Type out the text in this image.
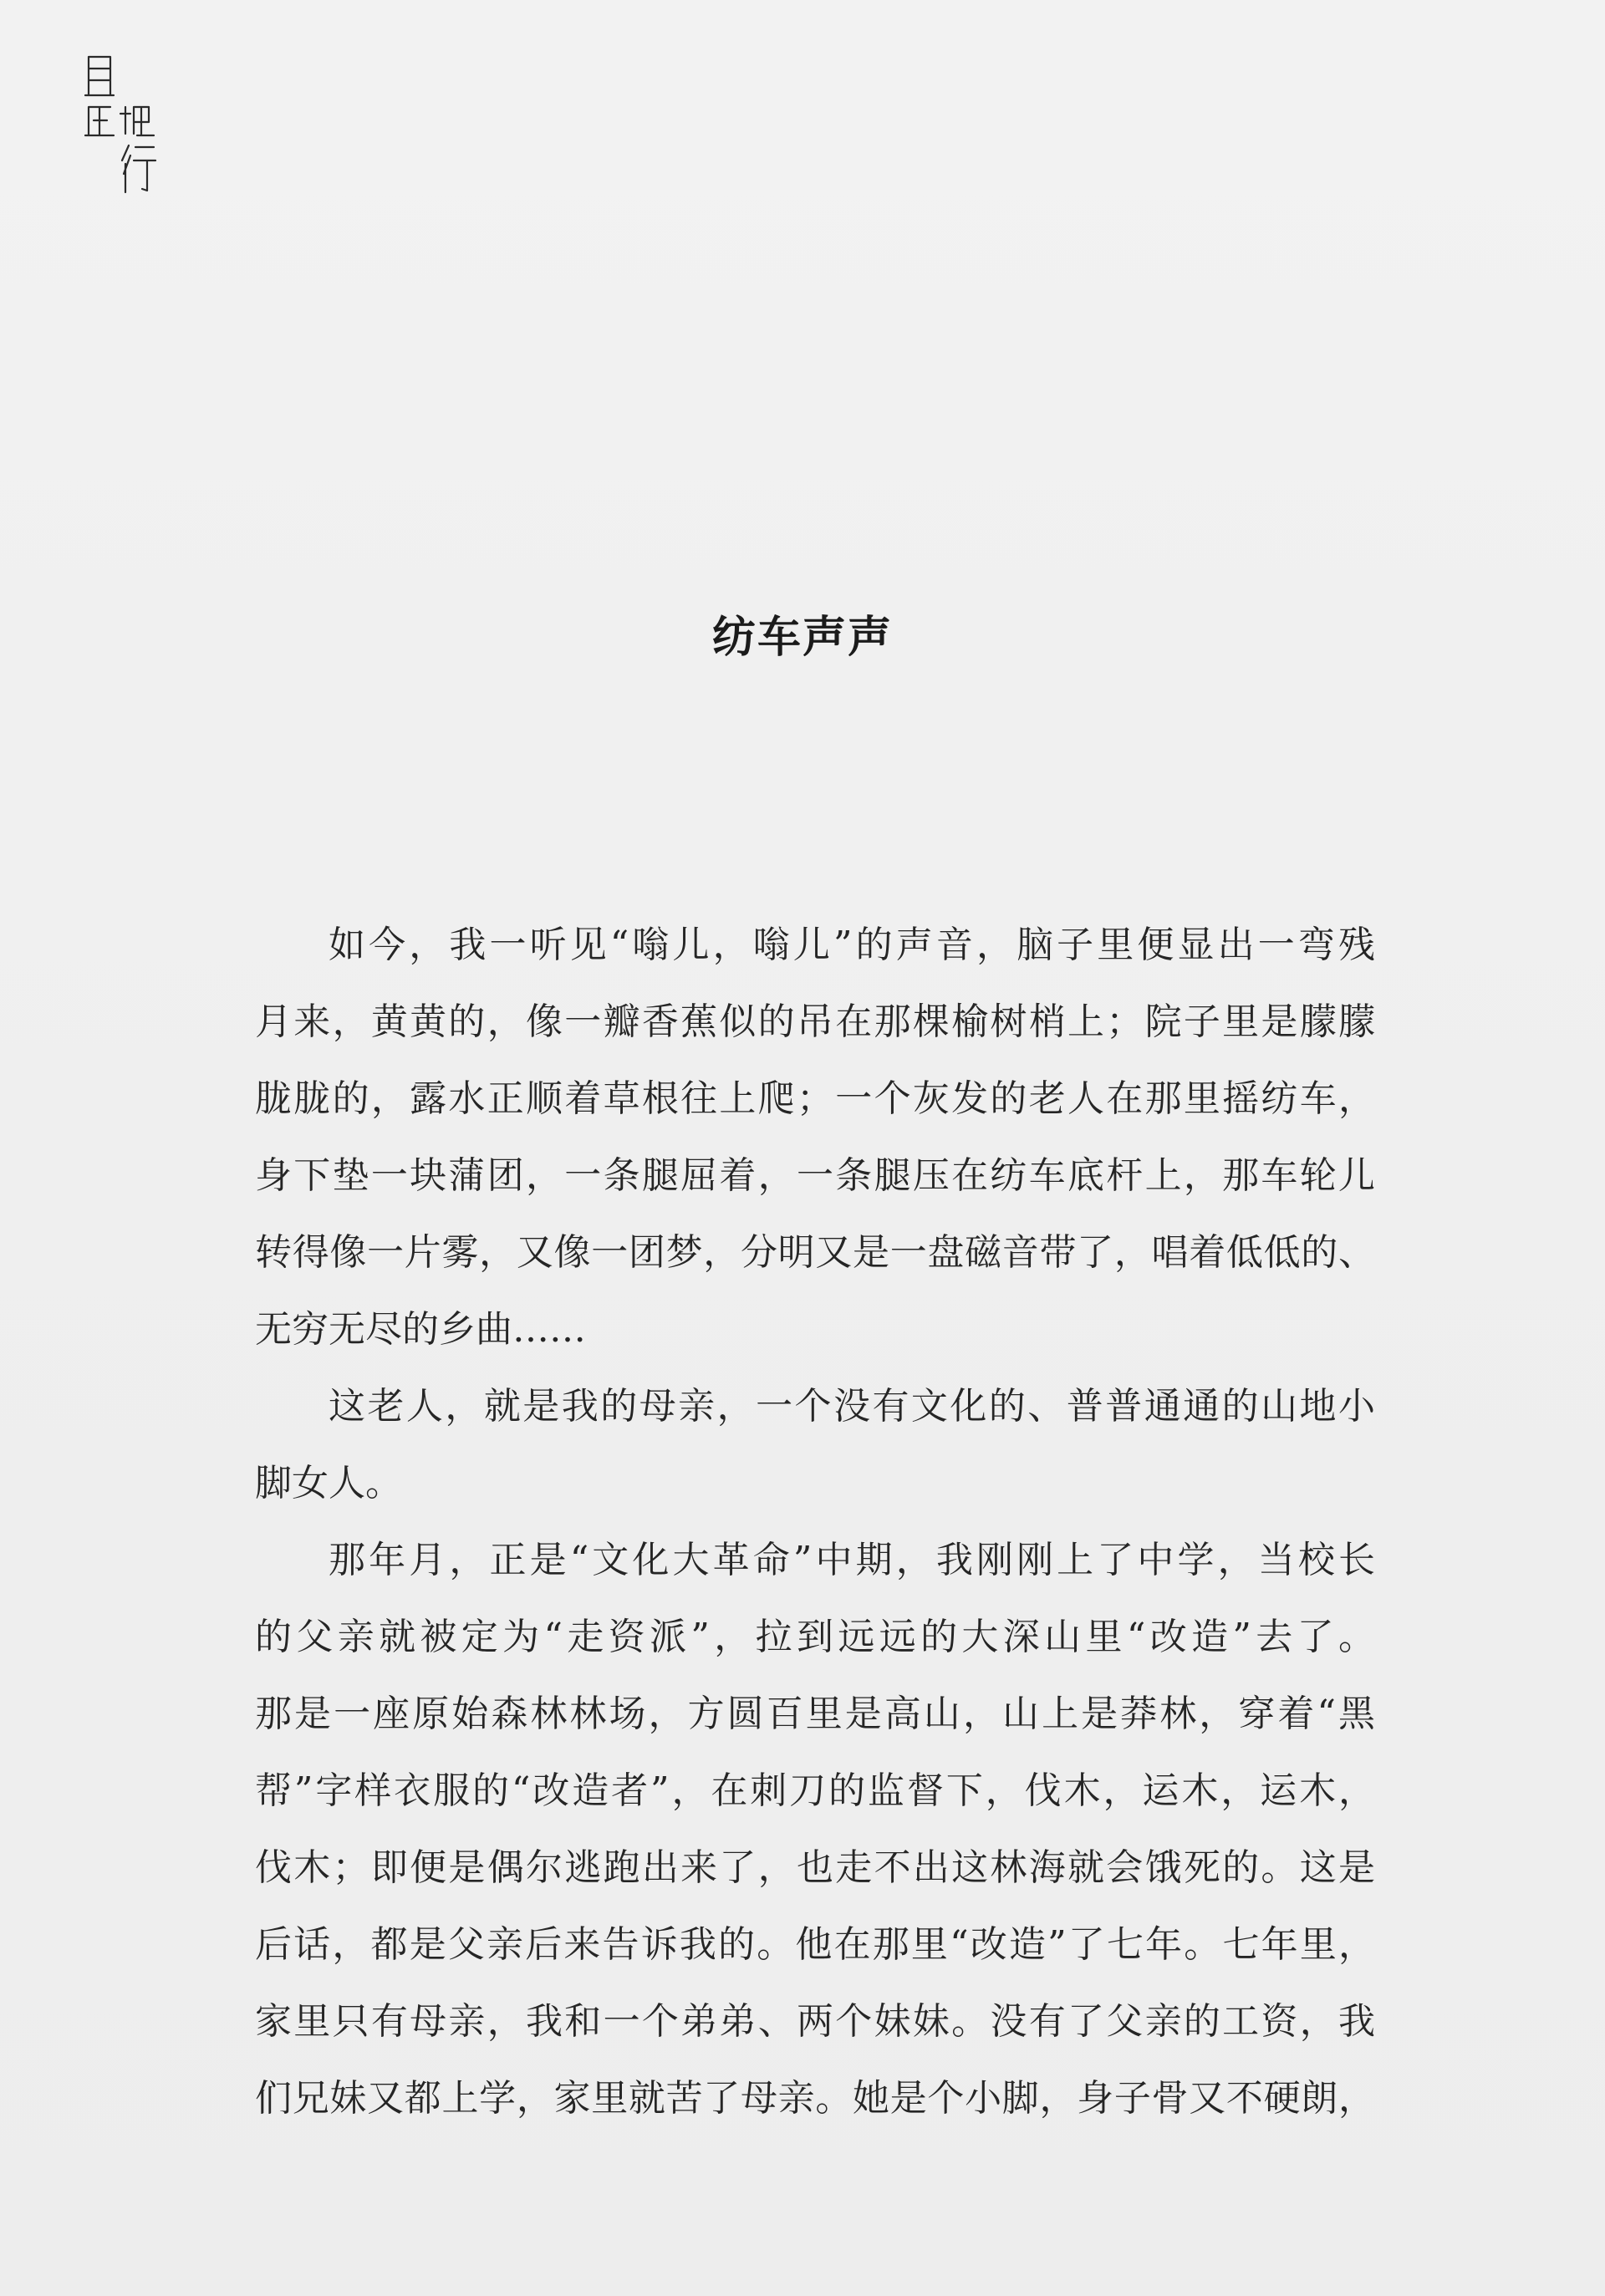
纺车声声
如今，我一听见“嗡儿，嗡儿”的声音，脑子里便显出一弯残
月来，黄黄的，像一瓣香蕉似的吊在那棵榆树梢上；院子里是朦朦
胧胧的，露水正顺着草根往上爬；一个灰发的老人在那里摇纺车，
身下垫一块蒲团，一条腿屈着，一条腿压在纺车底杆上，那车轮儿
转得像一片雾，又像一团梦，分明又是一盘磁音带了，唱着低低的、
无穷无尽的乡曲……
这老人，就是我的母亲，一个没有文化的、普普通通的山地小
脚女人。
那年月，正是“文化大革命”中期，我刚刚上了中学，当校长
的父亲就被定为“走资派”，拉到远远的大深山里“改造”去了。
那是一座原始森林林场，方圆百里是高山，山上是莽林，穿着“黑
帮”字样衣服的“改造者”，在刺刀的监督下，伐木，运木，运木，
伐木；即便是偶尔逃跑出来了，也走不出这林海就会饿死的。这是
后话，都是父亲后来告诉我的。他在那里“改造”了七年。七年里，
家里只有母亲，我和一个弟弟、两个妹妹。没有了父亲的工资，我
们兄妹又都上学，家里就苦了母亲。她是个小脚，身子骨又不硬朗，
